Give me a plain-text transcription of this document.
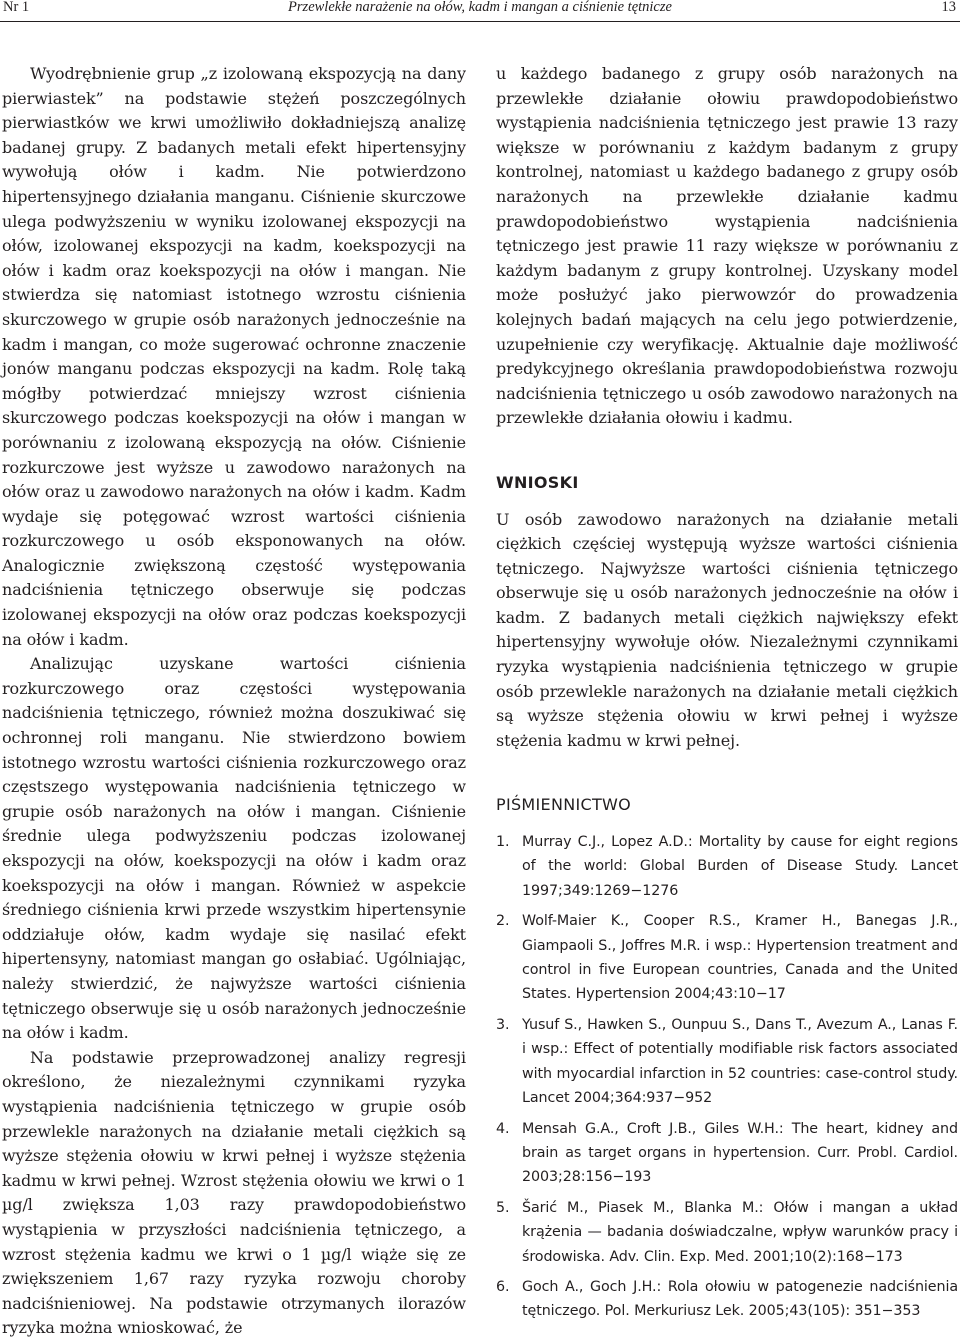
Nr 1	Przewlekłe narażenie na ołów, kadm i mangan a ciśnienie tętnicze	13

Wyodrębnienie grup „z izolowaną ekspozycją na dany pierwiastek” na podstawie stężeń poszczególnych pierwiastków we krwi umożliwiło dokładniejszą analizę badanej grupy. Z badanych metali efekt hipertensyjny wywołują ołów i kadm. Nie potwierdzono hipertensyjnego działania manganu. Ciśnienie skurczowe ulega podwyższeniu w wyniku izolowanej ekspozycji na ołów, izolowanej ekspozycji na kadm, koekspozycji na ołów i kadm oraz koekspozycji na ołów i mangan. Nie stwierdza się natomiast istotnego wzrostu ciśnienia skurczowego w grupie osób narażonych jednocześnie na kadm i mangan, co może sugerować ochronne znaczenie jonów manganu podczas ekspozycji na kadm. Rolę taką mógłby potwierdzać mniejszy wzrost ciśnienia skurczowego podczas koekspozycji na ołów i mangan w porównaniu z izolowaną ekspozycją na ołów. Ciśnienie rozkurczowe jest wyższe u zawodowo narażonych na ołów oraz u zawodowo narażonych na ołów i kadm. Kadm wydaje się potęgować wzrost wartości ciśnienia rozkurczowego u osób eksponowanych na ołów. Analogicznie zwiększoną częstość występowania nadciśnienia tętniczego obserwuje się podczas izolowanej ekspozycji na ołów oraz podczas koekspozycji na ołów i kadm.

Analizując uzyskane wartości ciśnienia rozkurczowego oraz częstości występowania nadciśnienia tętniczego, również można doszukiwać się ochronnej roli manganu. Nie stwierdzono bowiem istotnego wzrostu wartości ciśnienia rozkurczowego oraz częstszego występowania nadciśnienia tętniczego w grupie osób narażonych na ołów i mangan. Ciśnienie średnie ulega podwyższeniu podczas izolowanej ekspozycji na ołów, koekspozycji na ołów i kadm oraz koekspozycji na ołów i mangan. Również w aspekcie średniego ciśnienia krwi przede wszystkim hipertensynie oddziałuje ołów, kadm wydaje się nasilać efekt hipertensyny, natomiast mangan go osłabiać. Ugólniając, należy stwierdzić, że najwyższe wartości ciśnienia tętniczego obserwuje się u osób narażonych jednocześnie na ołów i kadm.

Na podstawie przeprowadzonej analizy regresji określono, że niezależnymi czynnikami ryzyka wystąpienia nadciśnienia tętniczego w grupie osób przewlekle narażonych na działanie metali ciężkich są wyższe stężenia ołowiu w krwi pełnej i wyższe stężenia kadmu w krwi pełnej. Wzrost stężenia ołowiu we krwi o 1 µg/l zwiększa 1,03 razy prawdopodobieństwo wystąpienia w przyszłości nadciśnienia tętniczego, a wzrost stężenia kadmu we krwi o 1 µg/l wiąże się ze zwiększeniem 1,67 razy ryzyka rozwoju choroby nadciśnieniowej. Na podstawie otrzymanych ilorazów ryzyka można wnioskować, że

u każdego badanego z grupy osób narażonych na przewlekłe działanie ołowiu prawdopodobieństwo wystąpienia nadciśnienia tętniczego jest prawie 13 razy większe w porównaniu z każdym badanym z grupy kontrolnej, natomiast u każdego badanego z grupy osób narażonych na przewlekłe działanie kadmu prawdopodobieństwo wystąpienia nadciśnienia tętniczego jest prawie 11 razy większe w porównaniu z każdym badanym z grupy kontrolnej. Uzyskany model może posłużyć jako pierwowzór do prowadzenia kolejnych badań mających na celu jego potwierdzenie, uzupełnienie czy weryfikację. Aktualnie daje możliwość predykcyjnego określania prawdopodobieństwa rozwoju nadciśnienia tętniczego u osób zawodowo narażonych na przewlekłe działania ołowiu i kadmu.

WNIOSKI

U osób zawodowo narażonych na działanie metali ciężkich częściej występują wyższe wartości ciśnienia tętniczego. Najwyższe wartości ciśnienia tętniczego obserwuje się u osób narażonych jednocześnie na ołów i kadm. Z badanych metali ciężkich największy efekt hipertensyjny wywołuje ołów. Niezależnymi czynnikami ryzyka wystąpienia nadciśnienia tętniczego w grupie osób przewlekle narażonych na działanie metali ciężkich są wyższe stężenia ołowiu w krwi pełnej i wyższe stężenia kadmu w krwi pełnej.

PIŚMIENNICTWO
1. Murray C.J., Lopez A.D.: Mortality by cause for eight regions of the world: Global Burden of Disease Study. Lancet 1997;349:1269−1276
2. Wolf-Maier K., Cooper R.S., Kramer H., Banegas J.R., Giampaoli S., Joffres M.R. i wsp.: Hypertension treatment and control in five European countries, Canada and the United States. Hypertension 2004;43:10−17
3. Yusuf S., Hawken S., Ounpuu S., Dans T., Avezum A., Lanas F. i wsp.: Effect of potentially modifiable risk factors associated with myocardial infarction in 52 countries: case-control study. Lancet 2004;364:937−952
4. Mensah G.A., Croft J.B., Giles W.H.: The heart, kidney and brain as target organs in hypertension. Curr. Probl. Cardiol. 2003;28:156−193
5. Šarić M., Piasek M., Blanka M.: Ołów i mangan a układ krążenia — badania doświadczalne, wpływ warunków pracy i środowiska. Adv. Clin. Exp. Med. 2001;10(2):168−173
6. Goch A., Goch J.H.: Rola ołowiu w patogenezie nadciśnienia tętniczego. Pol. Merkuriusz Lek. 2005;43(105): 351−353
